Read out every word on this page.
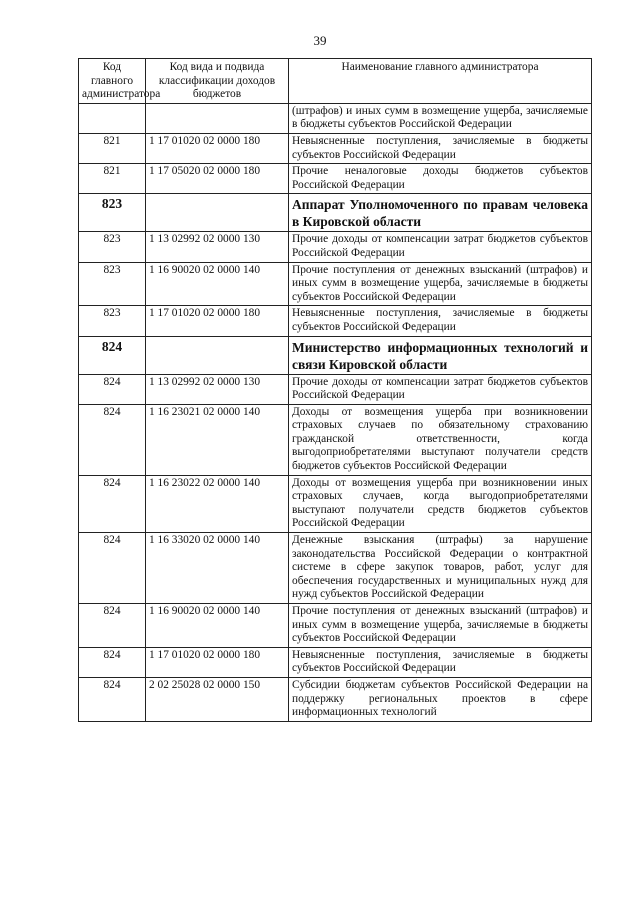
39
Код главного администратора	Код вида и подвида классификации доходов бюджетов	Наименование главного администратора
		(штрафов) и иных сумм в возмещение ущерба, зачисляемые в бюджеты субъектов Российской Федерации
821	1 17 01020 02 0000 180	Невыясненные поступления, зачисляемые в бюджеты субъектов Российской Федерации
821	1 17 05020 02 0000 180	Прочие неналоговые доходы бюджетов субъектов Российской Федерации
823		Аппарат Уполномоченного по правам человека в Кировской области
823	1 13 02992 02 0000 130	Прочие доходы от компенсации затрат бюджетов субъектов Российской Федерации
823	1 16 90020 02 0000 140	Прочие поступления от денежных взысканий (штрафов) и иных сумм в возмещение ущерба, зачисляемые в бюджеты субъектов Российской Федерации
823	1 17 01020 02 0000 180	Невыясненные поступления, зачисляемые в бюджеты субъектов Российской Федерации
824		Министерство информационных технологий и связи Кировской области
824	1 13 02992 02 0000 130	Прочие доходы от компенсации затрат бюджетов субъектов Российской Федерации
824	1 16 23021 02 0000 140	Доходы от возмещения ущерба при возникновении страховых случаев по обязательному страхованию гражданской ответственности, когда выгодоприобретателями выступают получатели средств бюджетов субъектов Российской Федерации
824	1 16 23022 02 0000 140	Доходы от возмещения ущерба при возникновении иных страховых случаев, когда выгодоприобретателями выступают получатели средств бюджетов субъектов Российской Федерации
824	1 16 33020 02 0000 140	Денежные взыскания (штрафы) за нарушение законодательства Российской Федерации о контрактной системе в сфере закупок товаров, работ, услуг для обеспечения государственных и муниципальных нужд для нужд субъектов Российской Федерации
824	1 16 90020 02 0000 140	Прочие поступления от денежных взысканий (штрафов) и иных сумм в возмещение ущерба, зачисляемые в бюджеты субъектов Российской Федерации
824	1 17 01020 02 0000 180	Невыясненные поступления, зачисляемые в бюджеты субъектов Российской Федерации
824	2 02 25028 02 0000 150	Субсидии бюджетам субъектов Российской Федерации на поддержку региональных проектов в сфере информационных технологий
